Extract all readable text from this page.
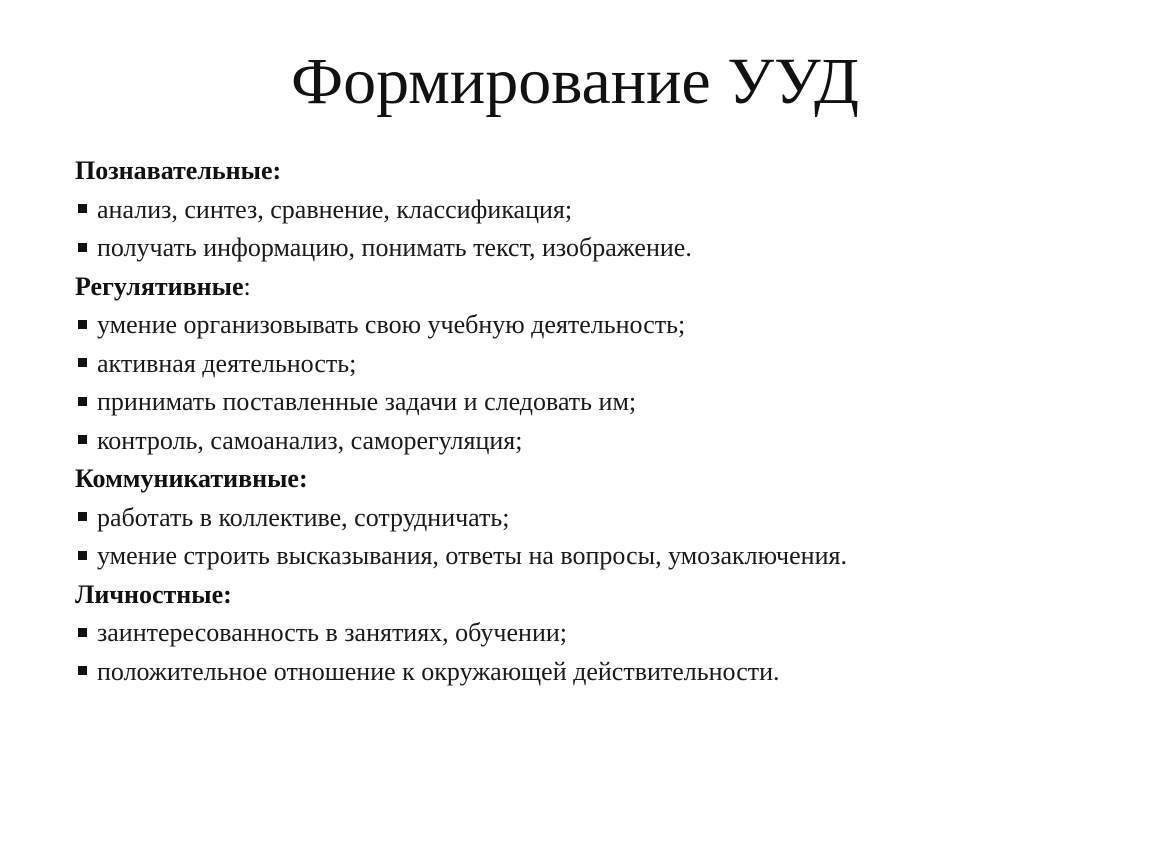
Формирование УУД
Познавательные:
анализ, синтез, сравнение, классификация;
получать информацию, понимать текст, изображение.
Регулятивные:
умение организовывать свою учебную деятельность;
активная деятельность;
принимать поставленные задачи и следовать им;
контроль, самоанализ, саморегуляция;
Коммуникативные:
работать в коллективе, сотрудничать;
умение строить высказывания, ответы на вопросы, умозаключения.
Личностные:
заинтересованность в занятиях, обучении;
положительное отношение к окружающей действительности.
